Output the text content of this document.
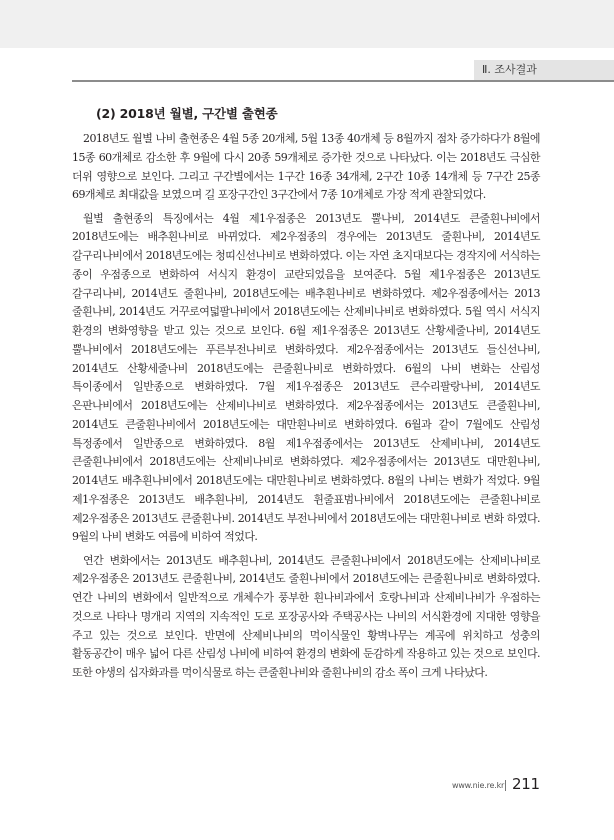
Ⅱ. 조사결과
(2) 2018년 월별, 구간별 출현종

2018년도 월별 나비 출현종은 4월 5종 20개체, 5월 13종 40개체 등 8월까지 점차 증가하다가 8월에 15종 60개체로 감소한 후 9월에 다시 20종 59개체로 증가한 것으로 나타났다. 이는 2018년도 극심한 더위 영향으로 보인다. 그리고 구간별에서는 1구간 16종 34개체, 2구간 10종 14개체 등 7구간 25종 69개체로 최대값을 보였으며 길 포장구간인 3구간에서 7종 10개체로 가장 적게 관찰되었다.

월별 출현종의 특징에서는 4월 제1우점종은 2013년도 뿔나비, 2014년도 큰줄흰나비에서 2018년도에는 배추흰나비로 바뀌었다. 제2우점종의 경우에는 2013년도 줄흰나비, 2014년도 갈구리나비에서 2018년도에는 청띠신선나비로 변화하였다. 이는 자연 초지대보다는 경작지에 서식하는 종이 우점종으로 변화하여 서식지 환경이 교란되었음을 보여준다. 5월 제1우점종은 2013년도 갈구리나비, 2014년도 줄흰나비, 2018년도에는 배추흰나비로 변화하였다. 제2우점종에서는 2013 줄흰나비, 2014년도 거꾸로여덟팔나비에서 2018년도에는 산제비나비로 변화하였다. 5월 역시 서식지 환경의 변화영향을 받고 있는 것으로 보인다. 6월 제1우점종은 2013년도 산황세줄나비, 2014년도 뿔나비에서 2018년도에는 푸른부전나비로 변화하였다. 제2우점종에서는 2013년도 들신선나비, 2014년도 산황세줄나비 2018년도에는 큰줄흰나비로 변화하였다. 6월의 나비 변화는 산림성 특이종에서 일반종으로 변화하였다. 7월 제1우점종은 2013년도 큰수리팔랑나비, 2014년도 은판나비에서 2018년도에는 산제비나비로 변화하였다. 제2우점종에서는 2013년도 큰줄흰나비, 2014년도 큰줄흰나비에서 2018년도에는 대만흰나비로 변화하였다. 6월과 같이 7월에도 산림성 특정종에서 일반종으로 변화하였다. 8월 제1우점종에서는 2013년도 산제비나비, 2014년도 큰줄흰나비에서 2018년도에는 산제비나비로 변화하였다. 제2우점종에서는 2013년도 대만흰나비, 2014년도 배추흰나비에서 2018년도에는 대만흰나비로 변화하였다. 8월의 나비는 변화가 적었다. 9월 제1우점종은 2013년도 배추흰나비, 2014년도 휜줄표범나비에서 2018년도에는 큰줄흰나비로 제2우점종은 2013년도 큰줄흰나비. 2014년도 부전나비에서 2018년도에는 대만흰나비로 변화 하였다. 9월의 나비 변화도 여름에 비하여 적었다.

연간 변화에서는 2013년도 배추흰나비, 2014년도 큰줄흰나비에서 2018년도에는 산제비나비로 제2우점종은 2013년도 큰줄흰나비, 2014년도 줄흰나비에서 2018년도에는 큰줄흰나비로 변화하였다. 연간 나비의 변화에서 일반적으로 개체수가 풍부한 흰나비과에서 호랑나비과 산제비나비가 우점하는 것으로 나타나 명개리 지역의 지속적인 도로 포장공사와 주택공사는 나비의 서식환경에 지대한 영향을 주고 있는 것으로 보인다. 반면에 산제비나비의 먹이식물인 황벽나무는 계곡에 위치하고 성충의 활동공간이 매우 넓어 다른 산림성 나비에 비하여 환경의 변화에 둔감하게 작용하고 있는 것으로 보인다. 또한 야생의 십자화과를 먹이식물로 하는 큰줄흰나비와 줄흰나비의 감소 폭이 크게 나타났다.

www.nie.re.kr 211
